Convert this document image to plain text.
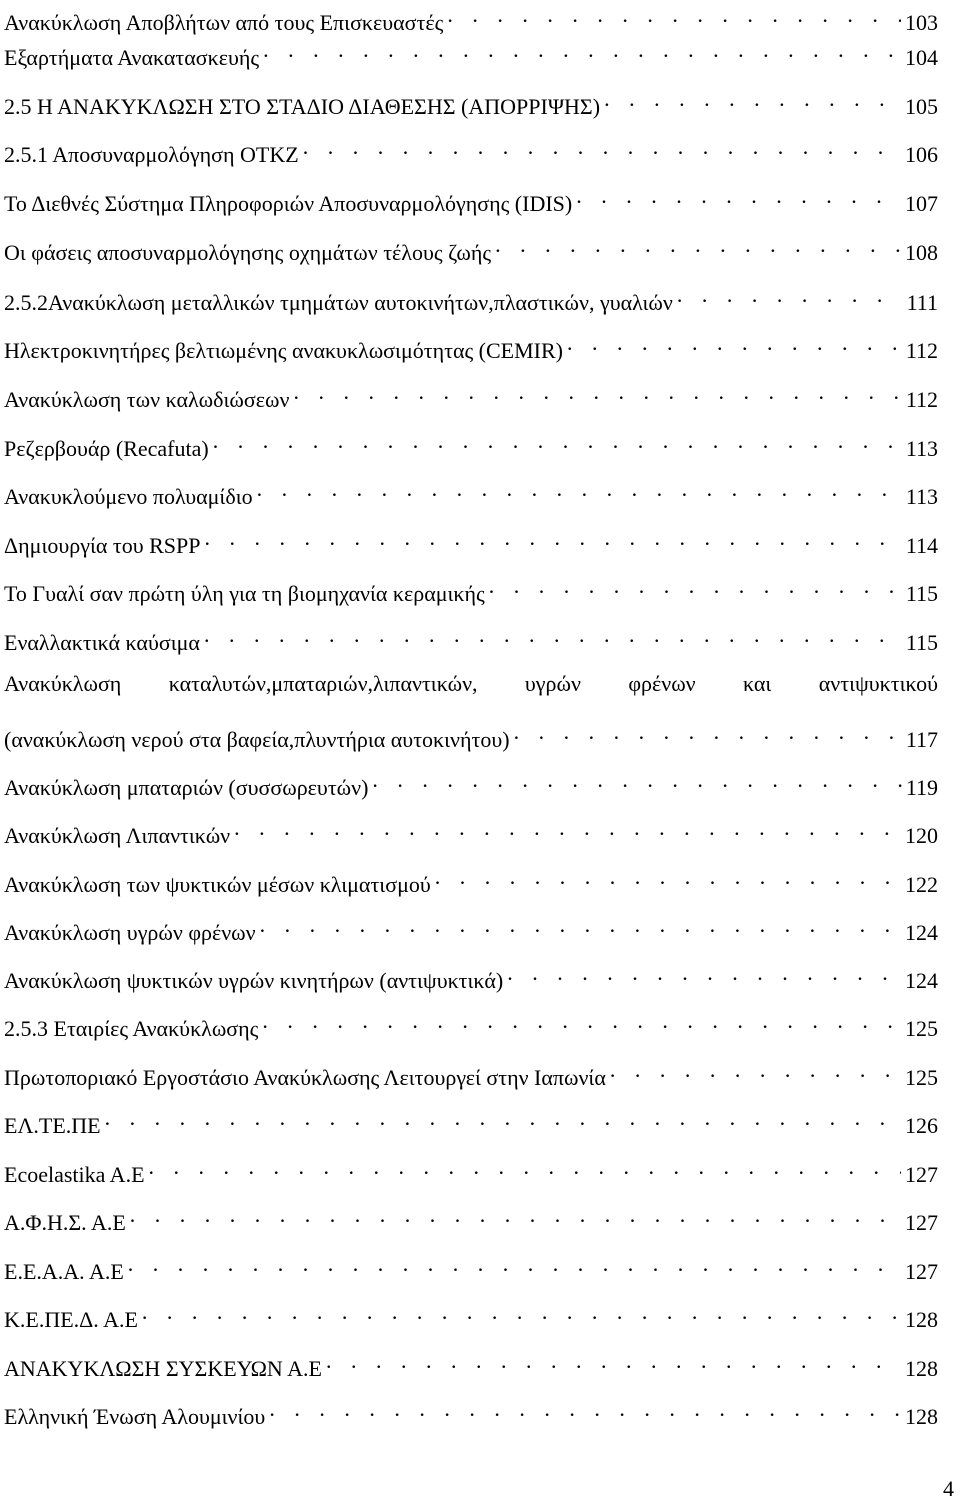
Ανακύκλωση Αποβλήτων από τους Επισκευαστές . . .	103
Εξαρτήματα Ανακατασκευής . . .	104
2.5 Η ΑΝΑΚΥΚΛΩΣΗ ΣΤΟ ΣΤΑΔΙΟ ΔΙΑΘΕΣΗΣ (ΑΠΟΡΡΙΨΗΣ) . . .	105
2.5.1 Αποσυναρμολόγηση ΟΤΚΖ . . .	106
Το Διεθνές Σύστημα Πληροφοριών Αποσυναρμολόγησης (IDIS) . . .	107
Οι φάσεις αποσυναρμολόγησης οχημάτων τέλους ζωής . . .	108
2.5.2Ανακύκλωση μεταλλικών τμημάτων αυτοκινήτων,πλαστικών, γυαλιών . . .	111
Ηλεκτροκινητήρες βελτιωμένης ανακυκλωσιμότητας (CEMIR) . . .	112
Ανακύκλωση των καλωδιώσεων . . .	112
Ρεζερβουάρ (Recafuta) . . .	113
Ανακυκλούμενο πολυαμίδιο . . .	113
Δημιουργία του RSPP . . .	114
Το Γυαλί σαν πρώτη ύλη για τη βιομηχανία κεραμικής . . .	115
Εναλλακτικά καύσιμα . . .	115
Ανακύκλωση καταλυτών,μπαταριών,λιπαντικών, υγρών φρένων και αντιψυκτικού
(ανακύκλωση νερού στα βαφεία,πλυντήρια αυτοκινήτου) . . .	117
Ανακύκλωση μπαταριών (συσσωρευτών) . . .	119
Ανακύκλωση Λιπαντικών . . .	120
Ανακύκλωση των ψυκτικών μέσων κλιματισμού . . .	122
Ανακύκλωση υγρών φρένων . . .	124
Ανακύκλωση ψυκτικών υγρών κινητήρων (αντιψυκτικά) . . .	124
2.5.3 Εταιρίες Ανακύκλωσης . . .	125
Πρωτοποριακό Εργοστάσιο Ανακύκλωσης Λειτουργεί στην Ιαπωνία . . .	125
ΕΛ.ΤΕ.ΠΕ . . .	126
Ecoelastika A.E . . .	127
Α.Φ.Η.Σ. Α.Ε . . .	127
Ε.Ε.Α.Α. Α.Ε . . .	127
Κ.Ε.ΠΕ.Δ. Α.Ε . . .	128
ΑΝΑΚΥΚΛΩΣΗ ΣΥΣΚΕΥΩΝ Α.Ε . . .	128
Ελληνική Ένωση Αλουμινίου . . .	128
4
